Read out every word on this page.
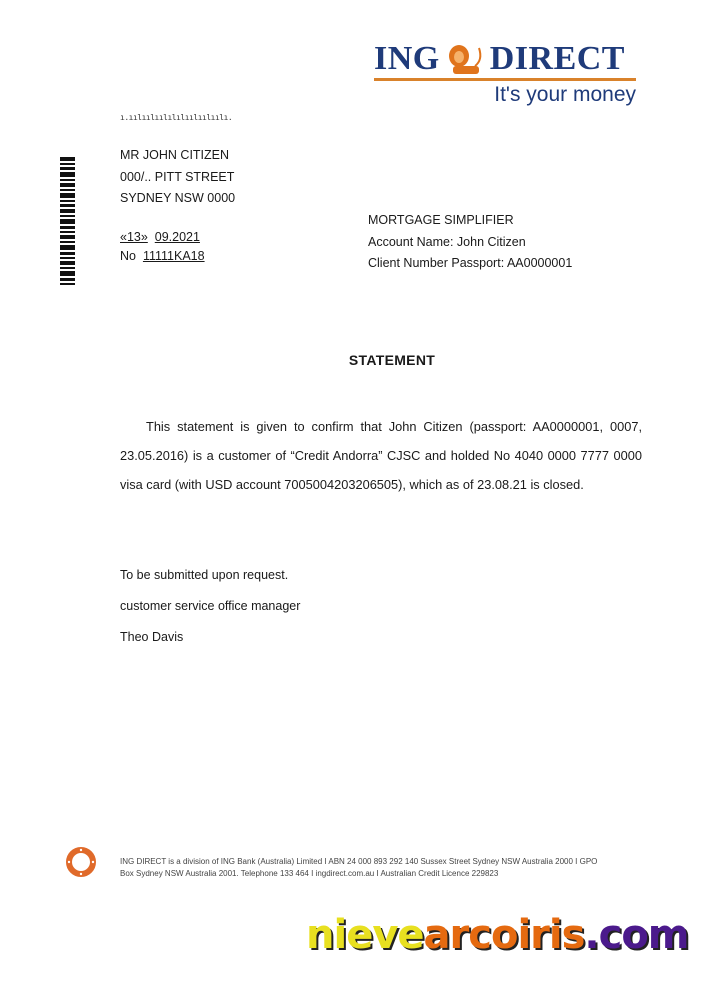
ING DIRECT
It's your money
ı.ıılıılıılılılıılıılıılı.
MR JOHN CITIZEN
000/.. PITT STREET
SYDNEY NSW 0000
«13» 09.2021
No 11111KA18
MORTGAGE SIMPLIFIER
Account Name: John Citizen
Client Number Passport: AA0000001
STATEMENT
This statement is given to confirm that John Citizen (passport: AA0000001, 0007, 23.05.2016) is a customer of “Credit Andorra” CJSC and holded No 4040 0000 7777 0000 visa card (with USD account 7005004203206505), which as of 23.08.21 is closed.
To be submitted upon request.
customer service office manager
Theo Davis
ING DIRECT is a division of ING Bank (Australia) Limited I ABN 24 000 893 292 140 Sussex Street Sydney NSW Australia 2000 I GPO
Box Sydney NSW Australia 2001. Telephone 133 464 I ingdirect.com.au I Australian Credit Licence 229823
nievearcoiris.com
